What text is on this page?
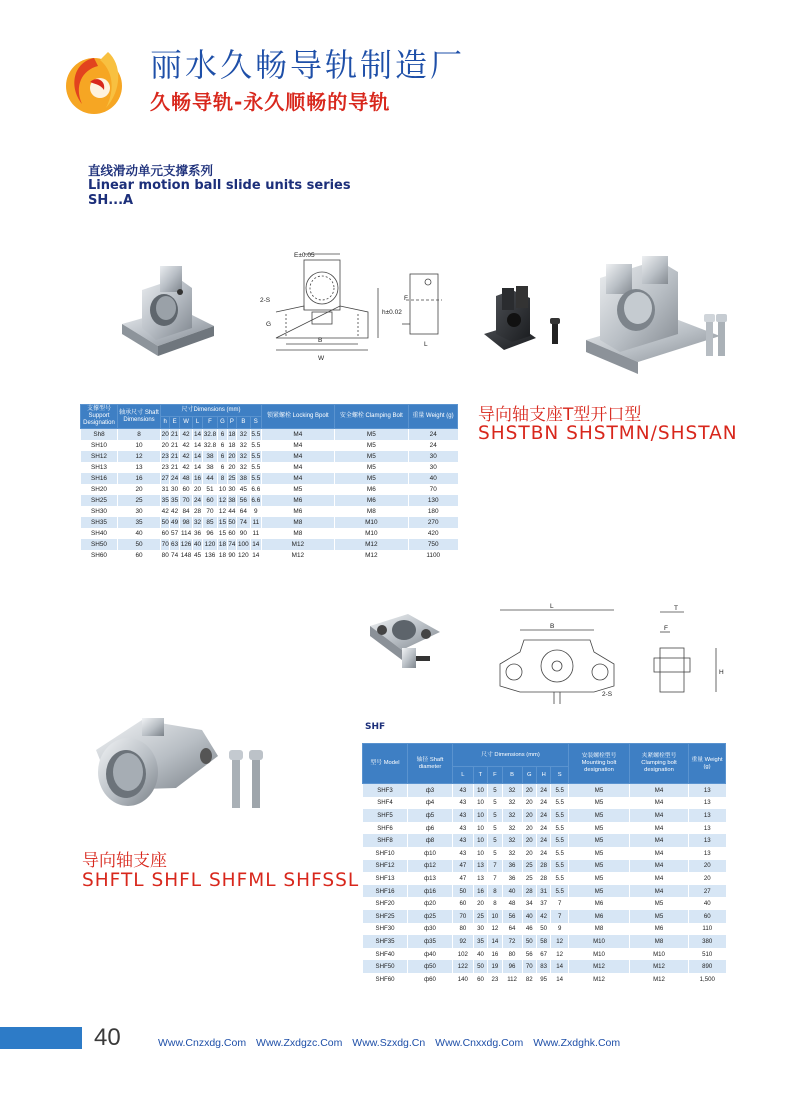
丽水久畅导轨制造厂
久畅导轨-永久顺畅的导轨
直线滑动单元支撑系列
Linear motion ball slide units series
SH...A
E±0.05
2-S
G
h±0.02
B
W
F
L
导向轴支座T型开口型
SHSTBN SHSTMN/SHSTAN
支撑型号 Support Designation	轴承尺寸 Shaft Dimensions	尺寸Dimensions (mm)									锁紧螺栓 Locking Bpolt	安全螺栓 Clamping Bolt	重量 Weight (g)
		h	E	W	L	F	G	P	B	S			
Sh8	8	20	21	42	14	32.8	6	18	32	5.5	M4	M5	24
SH10	10	20	21	42	14	32.8	6	18	32	5.5	M4	M5	24
SH12	12	23	21	42	14	38	6	20	32	5.5	M4	M5	30
SH13	13	23	21	42	14	38	6	20	32	5.5	M4	M5	30
SH16	16	27	24	48	16	44	8	25	38	5.5	M4	M5	40
SH20	20	31	30	60	20	51	10	30	45	6.6	M5	M6	70
SH25	25	35	35	70	24	60	12	38	56	6.6	M6	M6	130
SH30	30	42	42	84	28	70	12	44	64	9	M6	M8	180
SH35	35	50	49	98	32	85	15	50	74	11	M8	M10	270
SH40	40	60	57	114	36	96	15	60	90	11	M8	M10	420
SH50	50	70	63	126	40	120	18	74	100	14	M12	M12	750
SH60	60	80	74	148	45	136	18	90	120	14	M12	M12	1100
L
B
2-S
T
F
H
导向轴支座
SHFTL SHFL SHFML SHFSSL
SHF
型号 Model	轴径 Shaft diameter	尺寸 Dimensions (mm)							安装螺栓型号 Mounting bolt designation	夹紧螺栓型号 Clamping bolt designation	重量 Weight (g)
		L	T	F	B	G	H	S			
SHF3	ф3	43	10	5	32	20	24	5.5	M5	M4	13
SHF4	ф4	43	10	5	32	20	24	5.5	M5	M4	13
SHF5	ф5	43	10	5	32	20	24	5.5	M5	M4	13
SHF6	ф6	43	10	5	32	20	24	5.5	M5	M4	13
SHF8	ф8	43	10	5	32	20	24	5.5	M5	M4	13
SHF10	ф10	43	10	5	32	20	24	5.5	M5	M4	13
SHF12	ф12	47	13	7	36	25	28	5.5	M5	M4	20
SHF13	ф13	47	13	7	36	25	28	5.5	M5	M4	20
SHF16	ф16	50	16	8	40	28	31	5.5	M5	M4	27
SHF20	ф20	60	20	8	48	34	37	7	M6	M5	40
SHF25	ф25	70	25	10	56	40	42	7	M6	M5	60
SHF30	ф30	80	30	12	64	46	50	9	M8	M6	110
SHF35	ф35	92	35	14	72	50	58	12	M10	M8	380
SHF40	ф40	102	40	16	80	56	67	12	M10	M10	510
SHF50	ф50	122	50	19	96	70	83	14	M12	M12	890
SHF60	ф60	140	60	23	112	82	95	14	M12	M12	1,500
40	Www.Cnzxdg.Com Www.Zxdgzc.Com Www.Szxdg.Cn Www.Cnxxdg.Com Www.Zxdghk.Com
